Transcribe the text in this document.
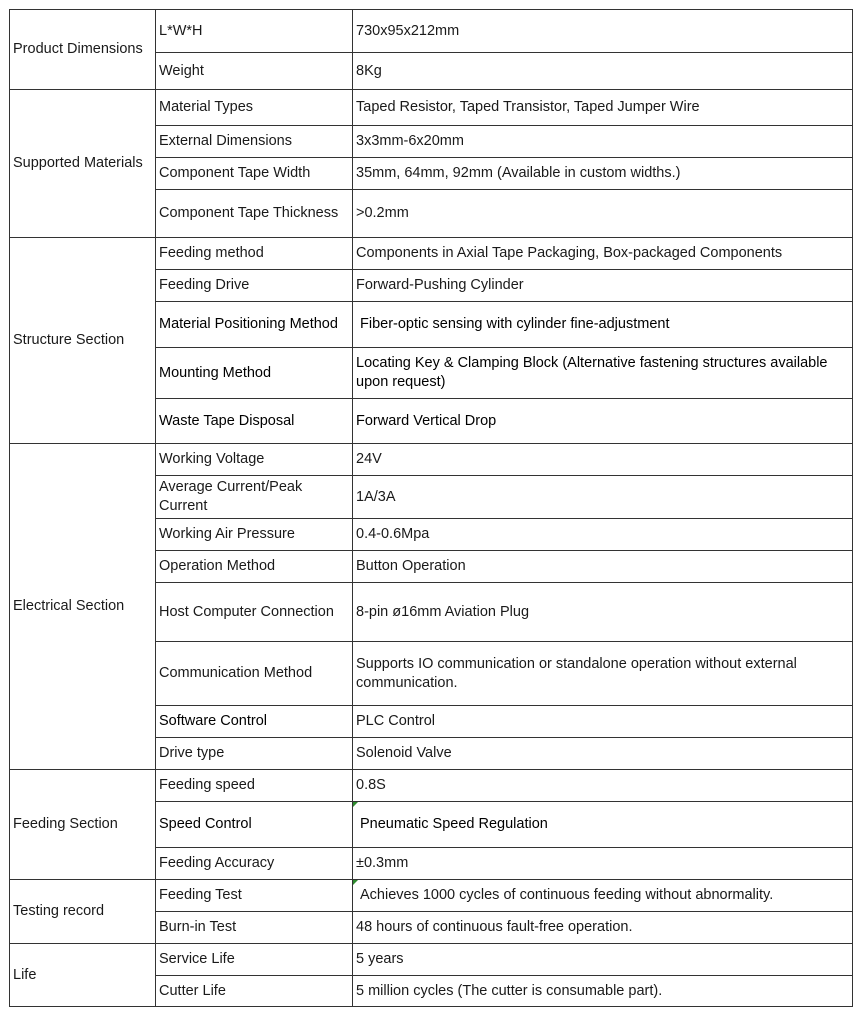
Product Dimensions	L*W*H	730x95x212mm
	Weight	8Kg
Supported Materials	Material Types	Taped Resistor, Taped Transistor, Taped Jumper Wire
	External Dimensions	3x3mm-6x20mm
	Component Tape Width	35mm, 64mm, 92mm (Available in custom widths.)
	Component Tape Thickness	>0.2mm
Structure Section	Feeding method	Components in Axial Tape Packaging, Box-packaged Components
	Feeding Drive	Forward-Pushing Cylinder
	Material Positioning Method	Fiber-optic sensing with cylinder fine-adjustment
	Mounting Method	Locating Key & Clamping Block (Alternative fastening structures available upon request)
	Waste Tape Disposal	Forward Vertical Drop
Electrical Section	Working Voltage	24V
	Average Current/Peak Current	1A/3A
	Working Air Pressure	0.4-0.6Mpa
	Operation Method	Button Operation
	Host Computer Connection	8-pin ø16mm Aviation Plug
	Communication Method	Supports IO communication or standalone operation without external communication.
	Software Control	PLC Control
	Drive type	Solenoid Valve
Feeding Section	Feeding speed	0.8S
	Speed Control	Pneumatic Speed Regulation
	Feeding Accuracy	±0.3mm
Testing record	Feeding Test	Achieves 1000 cycles of continuous feeding without abnormality.
	Burn-in Test	48 hours of continuous fault-free operation.
Life	Service Life	5 years
	Cutter Life	5 million cycles (The cutter is consumable part).
